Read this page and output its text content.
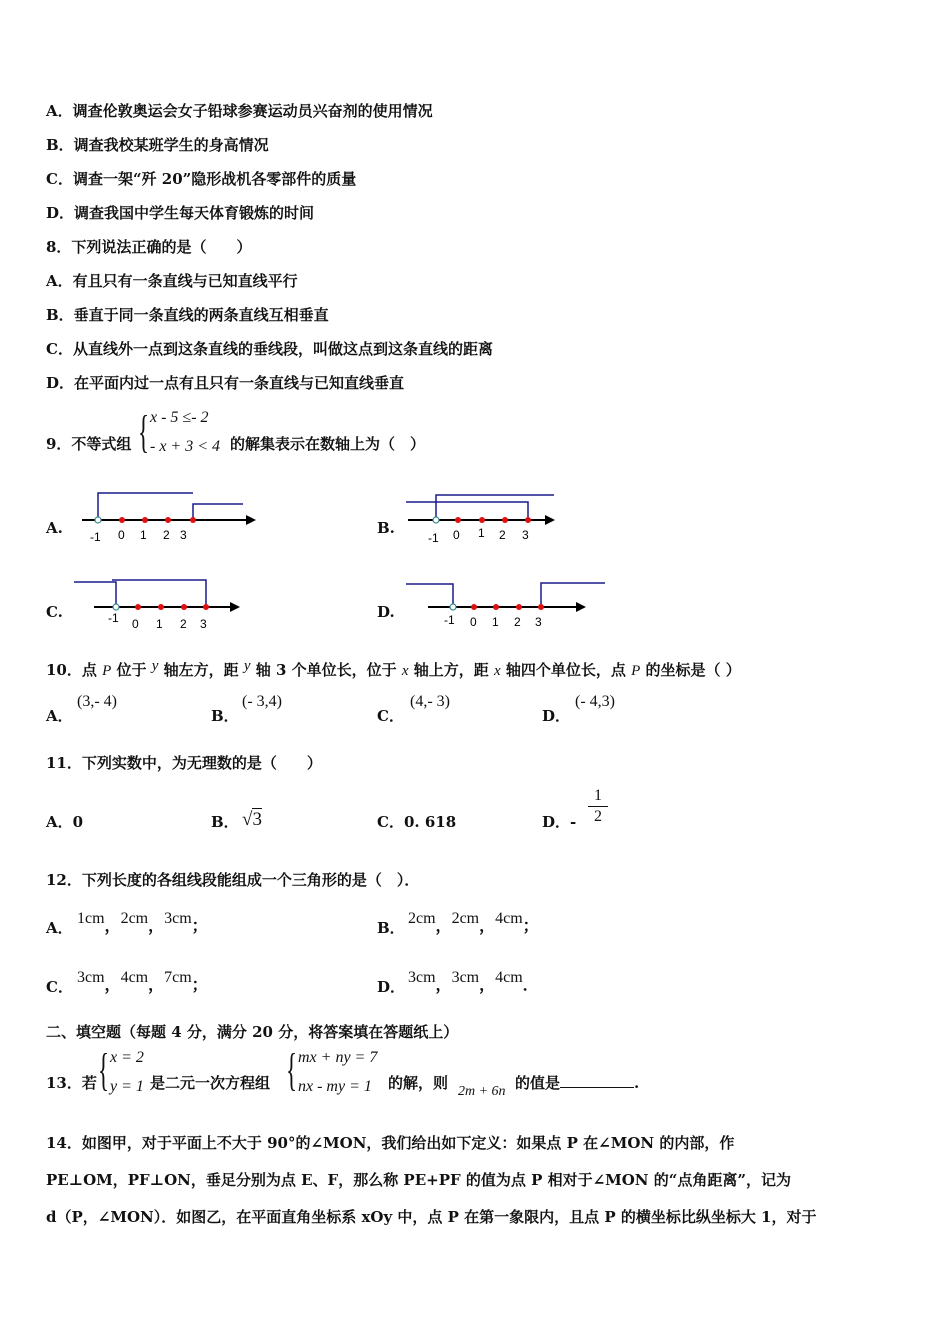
A．调查伦敦奥运会女子铅球参赛运动员兴奋剂的使用情况
B．调查我校某班学生的身高情况
C．调查一架“歼 20”隐形战机各零部件的质量
D．调查我国中学生每天体育锻炼的时间
8．下列说法正确的是（　　）
A．有且只有一条直线与已知直线平行
B．垂直于同一条直线的两条直线互相垂直
C．从直线外一点到这条直线的垂线段，叫做这点到这条直线的距离
D．在平面内过一点有且只有一条直线与已知直线垂直
9．不等式组 { x - 5 ≤- 2
- x + 3 < 4 的解集表示在数轴上为（　）
A.	B.
C.	D.
-1 0 1 2 3	-1 0 1 2 3
-1 0 1 2 3	-1 0 1 2 3
10．点 P 位于 y 轴左方，距 y 轴 3 个单位长，位于 x 轴上方，距 x 轴四个单位长，点 P 的坐标是（ ）
A．
(3,- 4)
B．
(- 3,4)
C．
(4,- 3)
D．
(- 4,3)
11．下列实数中，为无理数的是（　　）
A．0	B． √3	C．0. 618	D．- $\frac{1}{2}$
12．下列长度的各组线段能组成一个三角形的是（　）．
A．
1cm，2cm，3cm；	B．
2cm，2cm，4cm；
C．
3cm，4cm，7cm；	D．
3cm，3cm，4cm．
二、填空题（每题 4 分，满分 20 分，将答案填在答题纸上）
13．若 { x = 2
y = 1 是二元一次方程组 { mx + ny = 7
nx - my = 1 的解，则 2m + 6n 的值是	.
14．如图甲，对于平面上不大于 90°的∠MON，我们给出如下定义：如果点 P 在∠MON 的内部，作
PE⊥OM，PF⊥ON，垂足分别为点 E、F，那么称 PE+PF 的值为点 P 相对于∠MON 的“点角距离”，记为
d（P，∠MON）．如图乙，在平面直角坐标系 xOy 中，点 P 在第一象限内，且点 P 的横坐标比纵坐标大 1，对于
